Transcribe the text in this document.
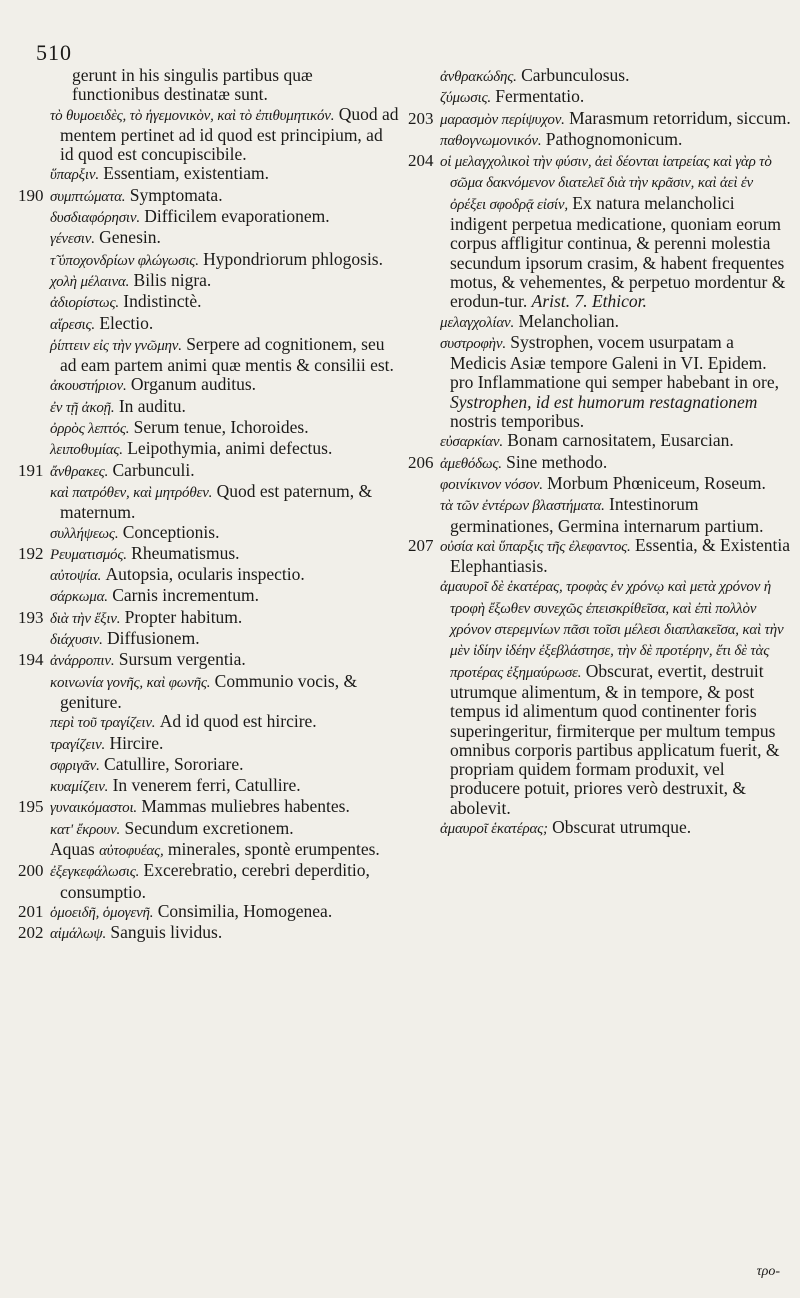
510
gerunt in his singulis partibus quæ functionibus destinatæ sunt.
τὸ θυμοειδὲς, τὸ ἡγεμονικὸν, καὶ τὸ ἐπιθυμητικόν. Quod ad mentem pertinet ad id quod est principium, ad id quod est concupiscibile.
ὕπαρξιν. Essentiam, existentiam.
190 συμπτώματα. Symptomata.
δυσδιαφόρησιν. Difficilem evaporationem.
γένεσιν. Genesin.
τ̃ ὑποχονδρίων φλώγωσις. Hypondriorum phlogosis.
χολὴ μέλαινα. Bilis nigra.
ἀδιορίστως. Indistinctè.
αἵρεσις. Electio.
ῥίπτειν εἰς τὴν γνῶμην. Serpere ad cognitionem, seu ad eam partem animi quæ mentis & consilii est.
ἀκουστήριον. Organum auditus.
ἐν τῇ ἀκοῇ. In auditu.
ὀρρὸς λεπτός. Serum tenue, Ichoroides.
λειποθυμίας. Leipothymia, animi defectus.
191 ἄνθρακες. Carbunculi.
καὶ πατρόθεν, καὶ μητρόθεν. Quod est paternum, & maternum.
συλλήψεως. Conceptionis.
192 Ρευματισμός. Rheumatismus.
αὐτοψία. Autopsia, ocularis inspectio.
σάρκωμα. Carnis incrementum.
193 διὰ τὴν ἕξιν. Propter habitum.
διάχυσιν. Diffusionem.
194 ἀνάρροπιν. Sursum vergentia.
κοινωνία γονῆς, καὶ φωνῆς. Communio vocis, & geniture.
περὶ τοῦ τραγίζειν. Ad id quod est hircire.
τραγίζειν. Hircire.
σφριγᾶν. Catullire, Sororiare.
κυαμίζειν. In venerem ferri, Catullire.
195 γυναικόμαστοι. Mammas muliebres habentes.
κατ' ἔκρουν. Secundum excretionem.
Aquas αὐτοφυέας, minerales, spontè erumpentes.
200 ἐξεγκεφάλωσις. Excerebratio, cerebri deperditio, consumptio.
201 ὁμοειδῆ, ὁμογενῆ. Consimilia, Homogenea.
202 αἱμάλωψ. Sanguis lividus.
ἀνθρακώδης. Carbunculosus.
ζύμωσις. Fermentatio.
203 μαρασμὸν περίψυχον. Marasmum retorridum, siccum.
παθογνωμονικόν. Pathognomonicum.
204 οἱ μελαγχολικοὶ τὴν φύσιν, ἀεὶ δέονται ἰατρείας καὶ γὰρ τὸ σῶμα δακνόμενον διατελεῖ διὰ τὴν κρᾶσιν, καὶ ἀεὶ ἐν ὀρέξει σφοδρᾷ εἰσίν, Ex natura melancholici indigent perpetua medicatione, quoniam eorum corpus affligitur continua, & perenni molestia secundum ipsorum crasim, & habent frequentes motus, & vehementes, & perpetuo mordentur & erodun-tur. Arist. 7. Ethicor.
μελαγχολίαν. Melancholian.
συστροφὴν. Systrophen, vocem usurpatam a Medicis Asiæ tempore Galeni in VI. Epidem. pro Inflammatione qui semper habebant in ore, Systrophen, id est humorum restagnationem nostris temporibus.
εὐσαρκίαν. Bonam carnositatem, Eusarcian.
206 ἀμεθόδως. Sine methodo.
φοινίκινον νόσον. Morbum Phœniceum, Roseum.
τὰ τῶν ἐντέρων βλαστήματα. Intestinorum germinationes, Germina internarum partium.
207 οὐσία καὶ ὕπαρξις τῆς ἐλεφαντος. Essentia, & Existentia Elephantiasis.
ἀμαυροῖ δὲ ἑκατέρας, τροφὰς ἐν χρόνῳ καὶ μετὰ χρόνον ἡ τροφὴ ἔξωθεν συνεχῶς ἐπεισκρίθεῖσα, καὶ ἐπὶ πολλὸν χρόνον στερεμνίων πᾶσι τοῖσι μέλεσι διαπλακεῖσα, καὶ τὴν μὲν ἰδίην ἰδέην ἐξεβλάστησε, τὴν δὲ προτέρην, ἔτι δὲ τὰς προτέρας ἐξημαύρωσε. Obscurat, evertit, destruit utrumque alimentum, & in tempore, & post tempus id alimentum quod continenter foris superingeritur, firmiterque per multum tempus omnibus corporis partibus applicatum fuerit, & propriam quidem formam produxit, vel producere potuit, priores verò destruxit, & abolevit.
ἀμαυροῖ ἑκατέρας; Obscurat utrumque.
τρο-
